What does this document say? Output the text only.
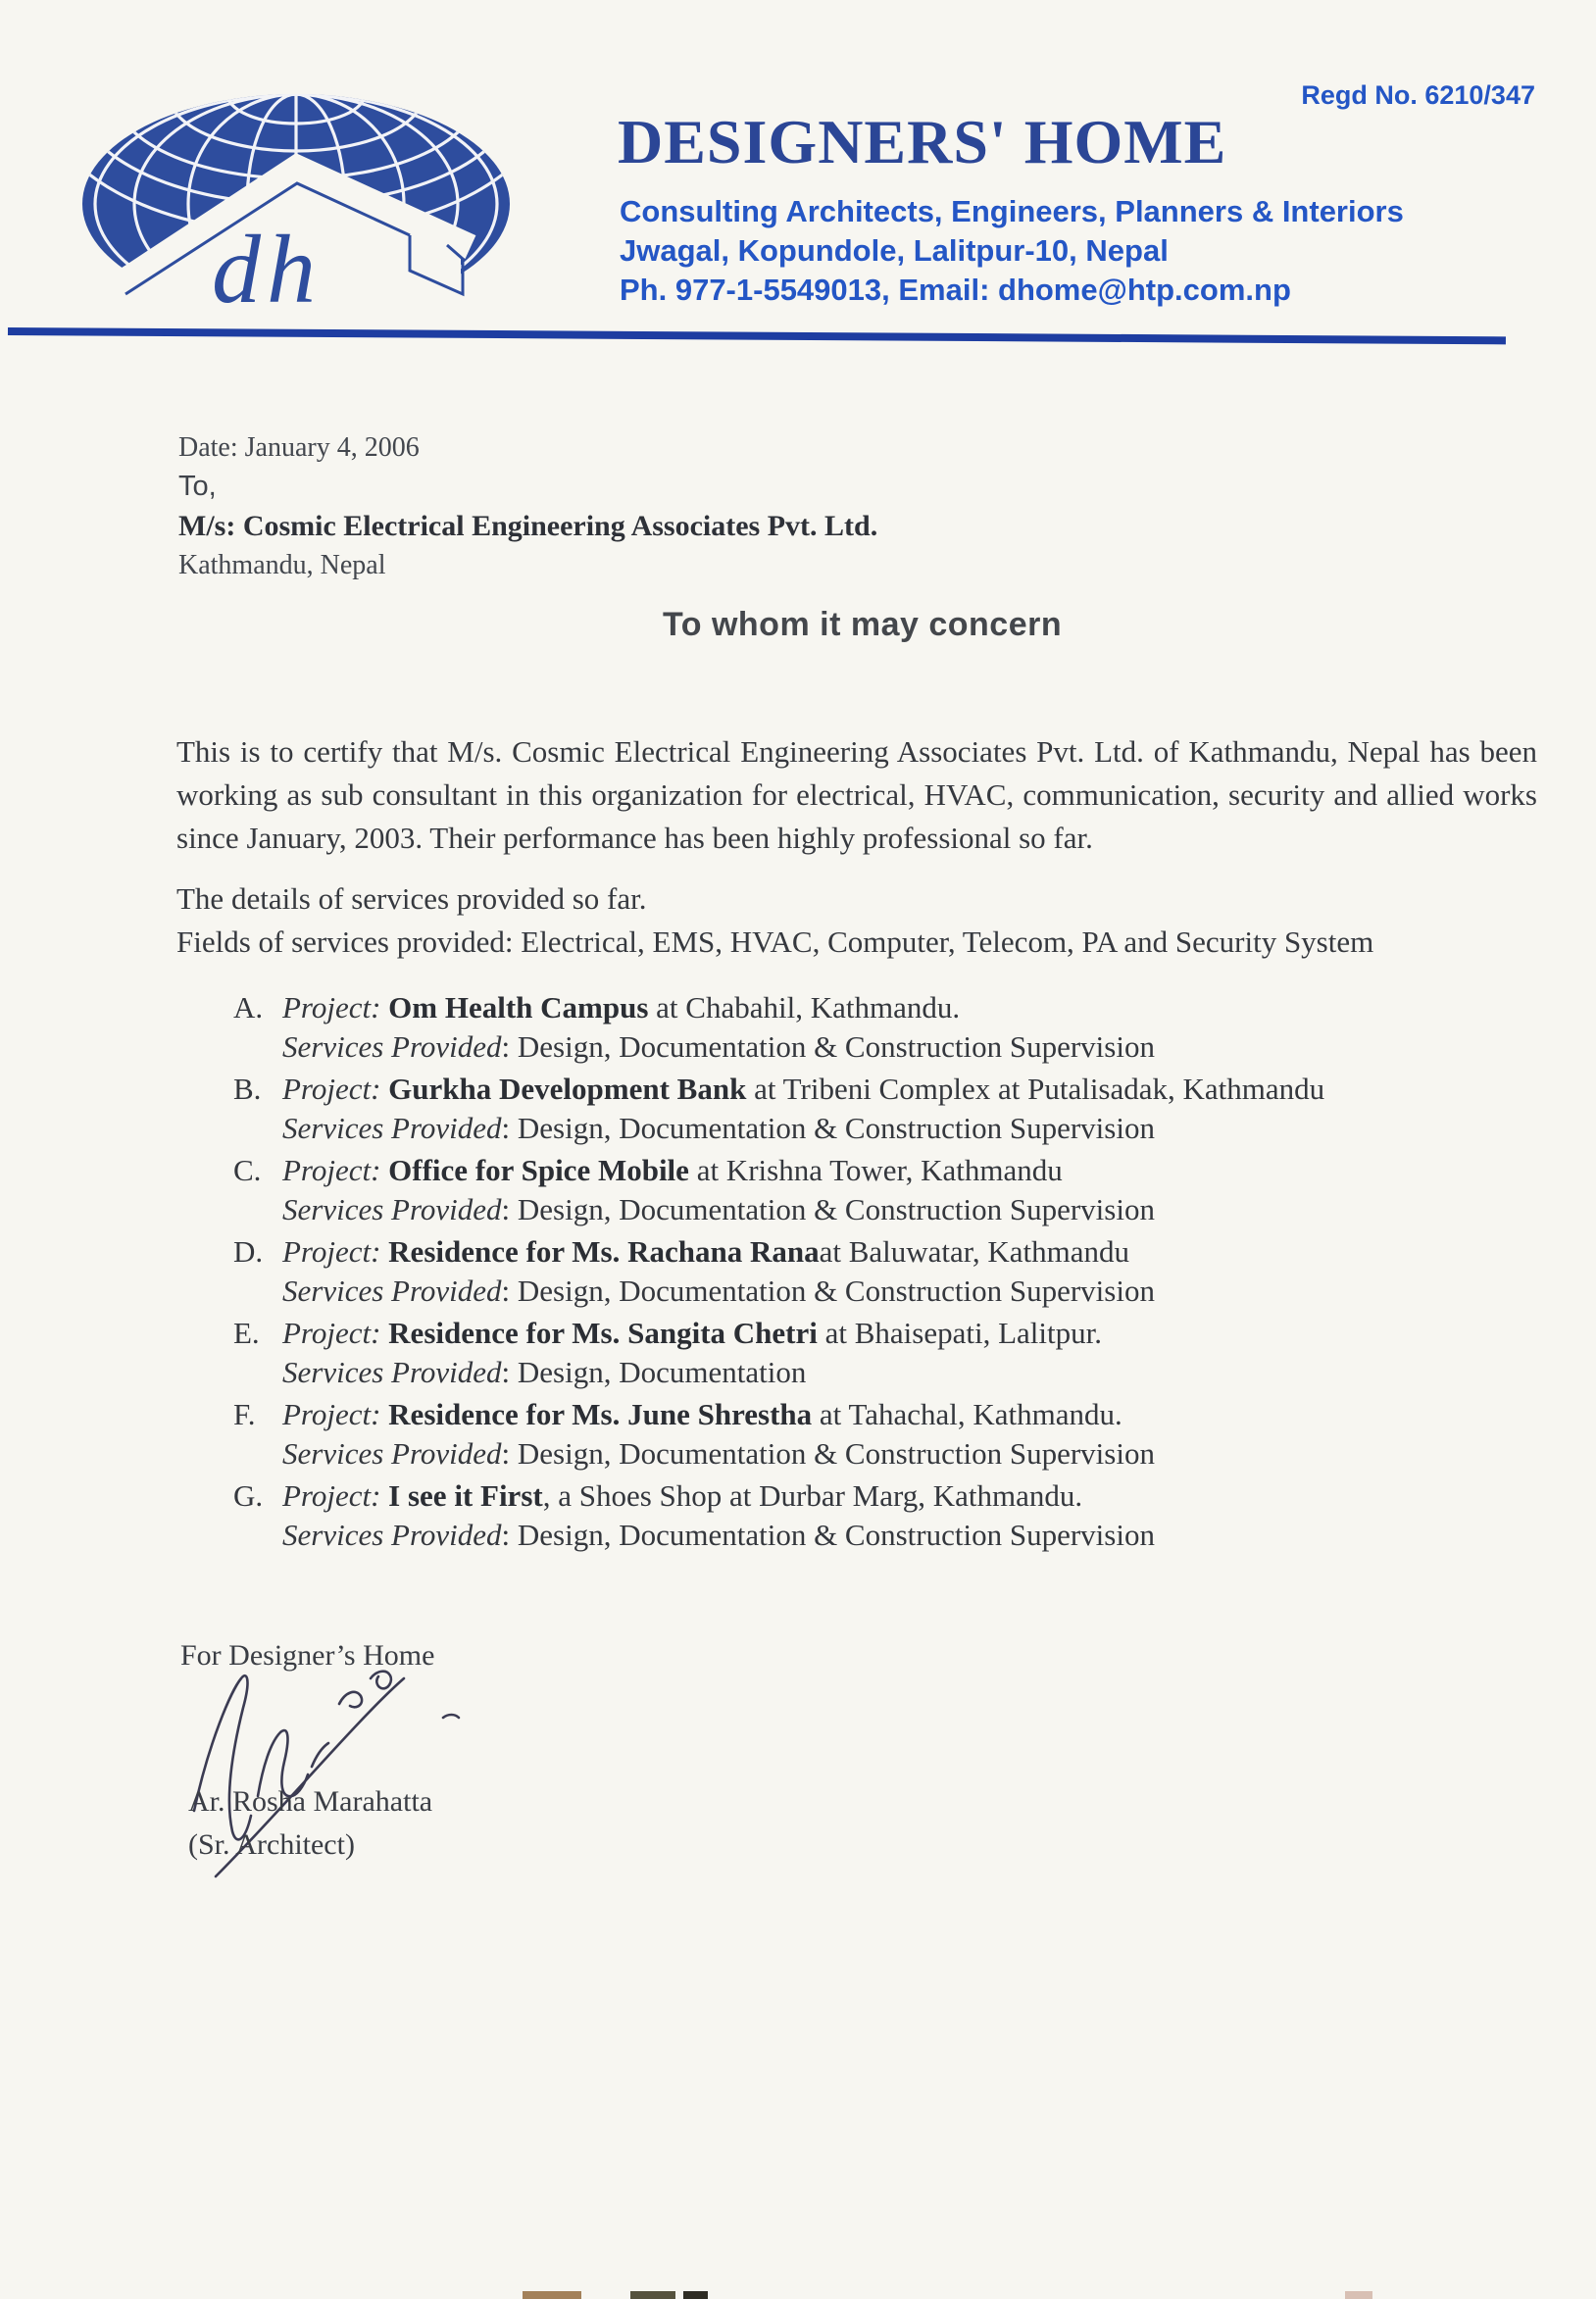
Regd No. 6210/347
dh
DESIGNERS' HOME
Consulting Architects, Engineers, Planners & Interiors
Jwagal, Kopundole, Lalitpur-10, Nepal
Ph. 977-1-5549013, Email: dhome@htp.com.np
Date: January 4, 2006
To,
M/s: Cosmic Electrical Engineering Associates Pvt. Ltd.
Kathmandu, Nepal
To whom it may concern
This is to certify that M/s. Cosmic Electrical Engineering Associates Pvt. Ltd. of Kathmandu, Nepal has been working as sub consultant in this organization for electrical, HVAC, communication, security and allied works since January, 2003. Their performance has been highly professional so far.
The details of services provided so far.
Fields of services provided: Electrical, EMS, HVAC, Computer, Telecom, PA and Security System
A. Project: Om Health Campus at Chabahil, Kathmandu.
Services Provided: Design, Documentation & Construction Supervision
B. Project: Gurkha Development Bank at Tribeni Complex at Putalisadak, Kathmandu
Services Provided: Design, Documentation & Construction Supervision
C. Project: Office for Spice Mobile at Krishna Tower, Kathmandu
Services Provided: Design, Documentation & Construction Supervision
D. Project: Residence for Ms. Rachana Ranaat Baluwatar, Kathmandu
Services Provided: Design, Documentation & Construction Supervision
E. Project: Residence for Ms. Sangita Chetri at Bhaisepati, Lalitpur.
Services Provided: Design, Documentation
F. Project: Residence for Ms. June Shrestha at Tahachal, Kathmandu.
Services Provided: Design, Documentation & Construction Supervision
G. Project: I see it First, a Shoes Shop at Durbar Marg, Kathmandu.
Services Provided: Design, Documentation & Construction Supervision
For Designer’s Home
Ar. Rosha Marahatta
(Sr. Architect)
